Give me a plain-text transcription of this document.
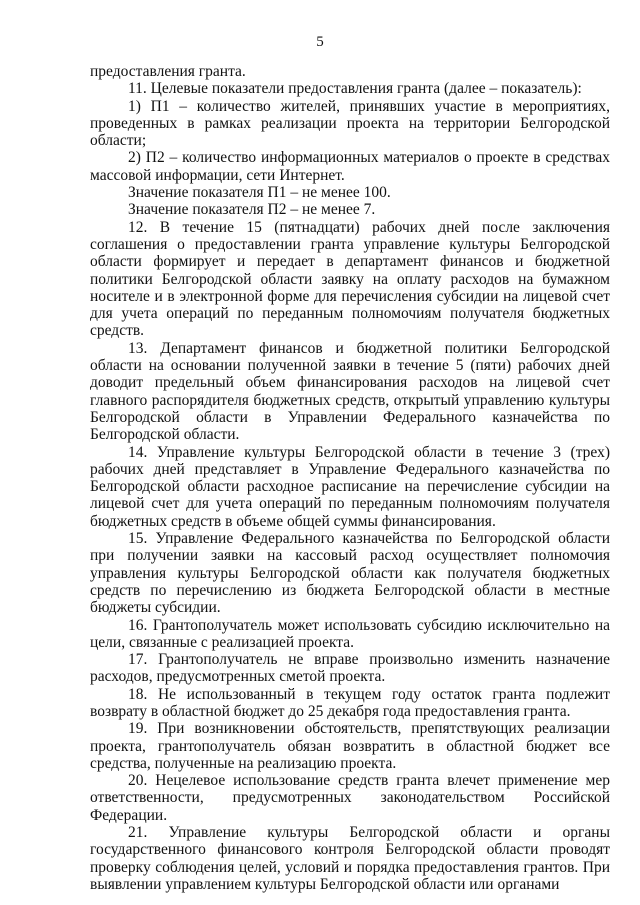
5

предоставления гранта.

11. Целевые показатели предоставления гранта (далее – показатель):

1) П1 – количество жителей, принявших участие в мероприятиях, проведенных в рамках реализации проекта на территории Белгородской области;

2) П2 – количество информационных материалов о проекте в средствах массовой информации, сети Интернет.

Значение показателя П1 – не менее 100.

Значение показателя П2 – не менее 7.

12. В течение 15 (пятнадцати) рабочих дней после заключения соглашения о предоставлении гранта управление культуры Белгородской области формирует и передает в департамент финансов и бюджетной политики Белгородской области заявку на оплату расходов на бумажном носителе и в электронной форме для перечисления субсидии на лицевой счет для учета операций по переданным полномочиям получателя бюджетных средств.

13. Департамент финансов и бюджетной политики Белгородской области на основании полученной заявки в течение 5 (пяти) рабочих дней доводит предельный объем финансирования расходов на лицевой счет главного распорядителя бюджетных средств, открытый управлению культуры Белгородской области в Управлении Федерального казначейства по Белгородской области.

14. Управление культуры Белгородской области в течение 3 (трех) рабочих дней представляет в Управление Федерального казначейства по Белгородской области расходное расписание на перечисление субсидии на лицевой счет для учета операций по переданным полномочиям получателя бюджетных средств в объеме общей суммы финансирования.

15. Управление Федерального казначейства по Белгородской области при получении заявки на кассовый расход осуществляет полномочия управления культуры Белгородской области как получателя бюджетных средств по перечислению из бюджета Белгородской области в местные бюджеты субсидии.

16. Грантополучатель может использовать субсидию исключительно на цели, связанные с реализацией проекта.

17. Грантополучатель не вправе произвольно изменить назначение расходов, предусмотренных сметой проекта.

18. Не использованный в текущем году остаток гранта подлежит возврату в областной бюджет до 25 декабря года предоставления гранта.

19. При возникновении обстоятельств, препятствующих реализации проекта, грантополучатель обязан возвратить в областной бюджет все средства, полученные на реализацию проекта.

20. Нецелевое использование средств гранта влечет применение мер ответственности, предусмотренных законодательством Российской Федерации.

21. Управление культуры Белгородской области и органы государственного финансового контроля Белгородской области проводят проверку соблюдения целей, условий и порядка предоставления грантов. При выявлении управлением культуры Белгородской области или органами
